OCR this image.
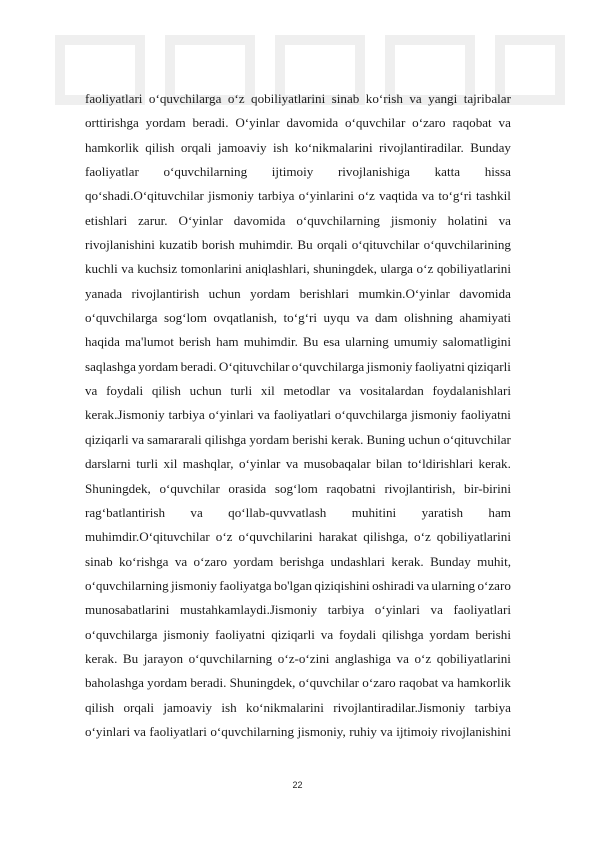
faoliyatlari o‘quvchilarga o‘z qobiliyatlarini sinab ko‘rish va yangi tajribalar
orttirishga yordam beradi. O‘yinlar davomida o‘quvchilar o‘zaro raqobat va
hamkorlik qilish orqali jamoaviy ish ko‘nikmalarini rivojlantiradilar. Bunday
faoliyatlar o‘quvchilarning ijtimoiy rivojlanishiga katta hissa
qo‘shadi.O‘qituvchilar jismoniy tarbiya o‘yinlarini o‘z vaqtida va to‘g‘ri tashkil
etishlari zarur. O‘yinlar davomida o‘quvchilarning jismoniy holatini va
rivojlanishini kuzatib borish muhimdir. Bu orqali o‘qituvchilar o‘quvchilarining
kuchli va kuchsiz tomonlarini aniqlashlari, shuningdek, ularga o‘z qobiliyatlarini
yanada rivojlantirish uchun yordam berishlari mumkin.O‘yinlar davomida
o‘quvchilarga sog‘lom ovqatlanish, to‘g‘ri uyqu va dam olishning ahamiyati
haqida ma'lumot berish ham muhimdir. Bu esa ularning umumiy salomatligini
saqlashga yordam beradi. O‘qituvchilar o‘quvchilarga jismoniy faoliyatni qiziqarli
va foydali qilish uchun turli xil metodlar va vositalardan foydalanishlari
kerak.Jismoniy tarbiya o‘yinlari va faoliyatlari o‘quvchilarga jismoniy faoliyatni
qiziqarli va samararali qilishga yordam berishi kerak. Buning uchun o‘qituvchilar
darslarni turli xil mashqlar, o‘yinlar va musobaqalar bilan to‘ldirishlari kerak.
Shuningdek, o‘quvchilar orasida sog‘lom raqobatni rivojlantirish, bir-birini
rag‘batlantirish va qo‘llab-quvvatlash muhitini yaratish ham
muhimdir.O‘qituvchilar o‘z o‘quvchilarini harakat qilishga, o‘z qobiliyatlarini
sinab ko‘rishga va o‘zaro yordam berishga undashlari kerak. Bunday muhit,
o‘quvchilarning jismoniy faoliyatga bo'lgan qiziqishini oshiradi va ularning o‘zaro
munosabatlarini mustahkamlaydi.Jismoniy tarbiya o‘yinlari va faoliyatlari
o‘quvchilarga jismoniy faoliyatni qiziqarli va foydali qilishga yordam berishi
kerak. Bu jarayon o‘quvchilarning o‘z-o‘zini anglashiga va o‘z qobiliyatlarini
baholashga yordam beradi. Shuningdek, o‘quvchilar o‘zaro raqobat va hamkorlik
qilish orqali jamoaviy ish ko‘nikmalarini rivojlantiradilar.Jismoniy tarbiya
o‘yinlari va faoliyatlari o‘quvchilarning jismoniy, ruhiy va ijtimoiy rivojlanishini
22
